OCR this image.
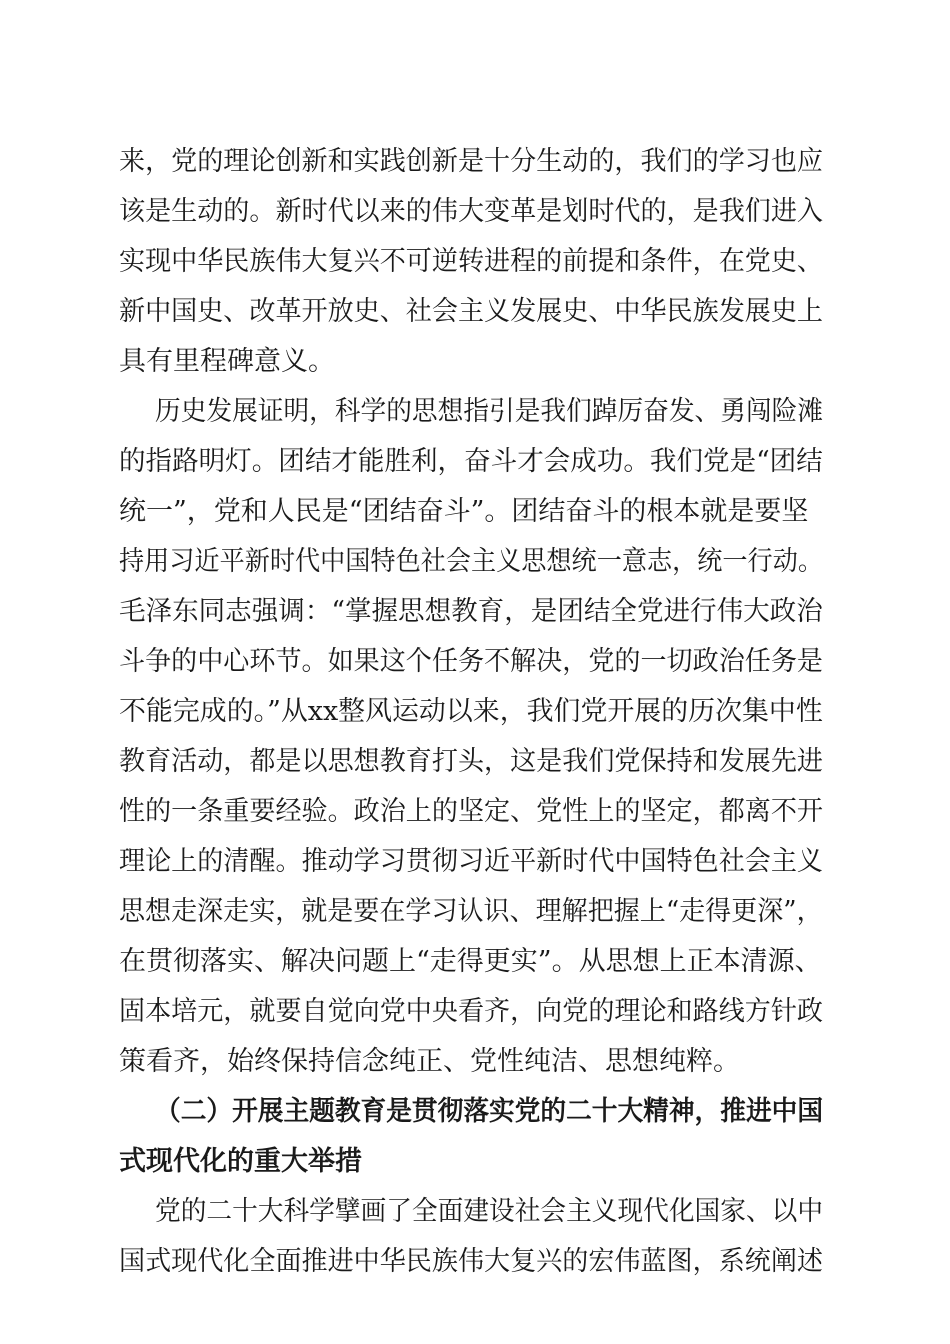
来，党的理论创新和实践创新是十分生动的，我们的学习也应
该是生动的。新时代以来的伟大变革是划时代的，是我们进入
实现中华民族伟大复兴不可逆转进程的前提和条件，在党史、
新中国史、改革开放史、社会主义发展史、中华民族发展史上
具有里程碑意义。
历史发展证明，科学的思想指引是我们踔厉奋发、勇闯险滩
的指路明灯。团结才能胜利，奋斗才会成功。我们党是“团结
统一”，党和人民是“团结奋斗”。团结奋斗的根本就是要坚
持用习近平新时代中国特色社会主义思想统一意志，统一行动。
毛泽东同志强调：“掌握思想教育，是团结全党进行伟大政治
斗争的中心环节。如果这个任务不解决，党的一切政治任务是
不能完成的。”从xx整风运动以来，我们党开展的历次集中性
教育活动，都是以思想教育打头，这是我们党保持和发展先进
性的一条重要经验。政治上的坚定、党性上的坚定，都离不开
理论上的清醒。推动学习贯彻习近平新时代中国特色社会主义
思想走深走实，就是要在学习认识、理解把握上“走得更深”，
在贯彻落实、解决问题上“走得更实”。从思想上正本清源、
固本培元，就要自觉向党中央看齐，向党的理论和路线方针政
策看齐，始终保持信念纯正、党性纯洁、思想纯粹。
（二）开展主题教育是贯彻落实党的二十大精神，推进中国
式现代化的重大举措
党的二十大科学擘画了全面建设社会主义现代化国家、以中
国式现代化全面推进中华民族伟大复兴的宏伟蓝图，系统阐述
